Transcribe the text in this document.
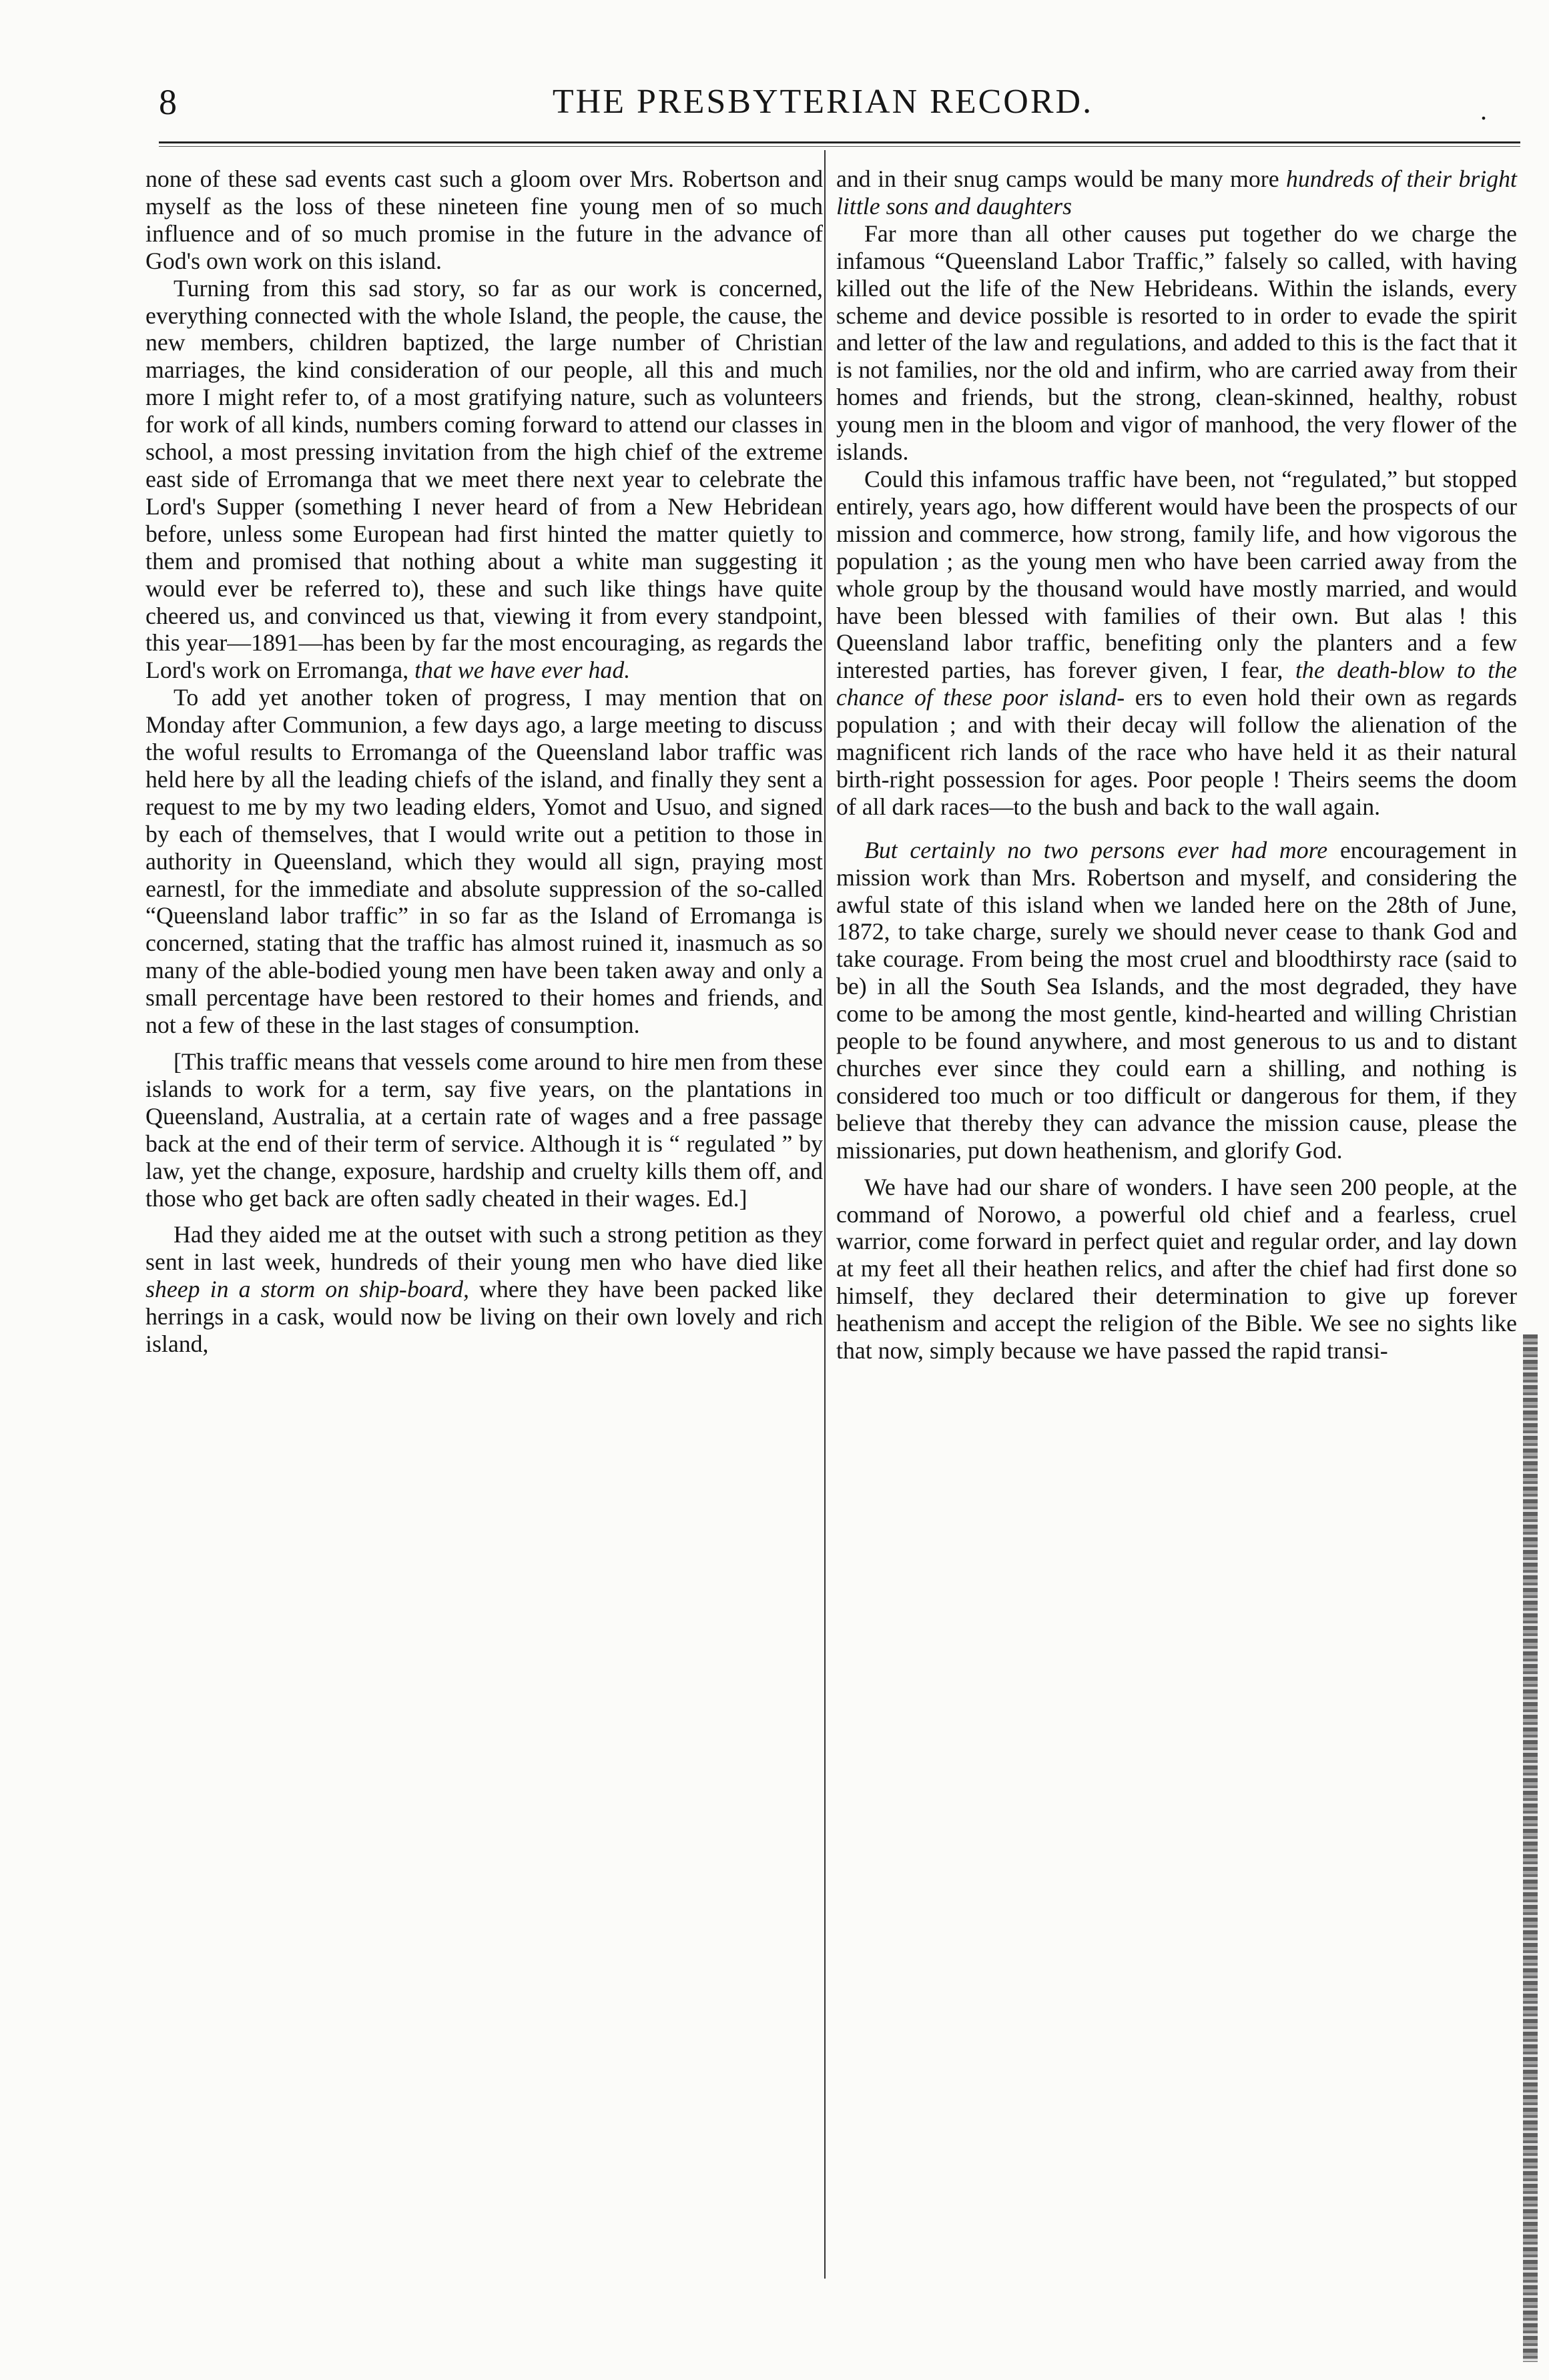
8	THE PRESBYTERIAN RECORD.	.

none of these sad events cast such a gloom over Mrs. Robertson and myself as the loss of these nineteen fine young men of so much influence and of so much promise in the future in the advance of God's own work on this island.

Turning from this sad story, so far as our work is concerned, everything connected with the whole Island, the people, the cause, the new members, children baptized, the large number of Christian marriages, the kind consideration of our people, all this and much more I might refer to, of a most gratifying nature, such as volunteers for work of all kinds, numbers coming forward to attend our classes in school, a most pressing invitation from the high chief of the extreme east side of Erromanga that we meet there next year to celebrate the Lord's Supper (something I never heard of from a New Hebridean before, unless some European had first hinted the matter quietly to them and promised that nothing about a white man suggesting it would ever be referred to), these and such like things have quite cheered us, and convinced us that, viewing it from every standpoint, this year—1891—has been by far the most encouraging, as regards the Lord's work on Erromanga, that we have ever had.

To add yet another token of progress, I may mention that on Monday after Communion, a few days ago, a large meeting to discuss the woful results to Erromanga of the Queensland labor traffic was held here by all the leading chiefs of the island, and finally they sent a request to me by my two leading elders, Yomot and Usuo, and signed by each of themselves, that I would write out a petition to those in authority in Queensland, which they would all sign, praying most earnestl, for the immediate and absolute suppression of the so-called “Queensland labor traffic” in so far as the Island of Erromanga is concerned, stating that the traffic has almost ruined it, inasmuch as so many of the able-bodied young men have been taken away and only a small percentage have been restored to their homes and friends, and not a few of these in the last stages of consumption.

[This traffic means that vessels come around to hire men from these islands to work for a term, say five years, on the plantations in Queensland, Australia, at a certain rate of wages and a free passage back at the end of their term of service. Although it is “ regulated ” by law, yet the change, exposure, hardship and cruelty kills them off, and those who get back are often sadly cheated in their wages. Ed.]

Had they aided me at the outset with such a strong petition as they sent in last week, hundreds of their young men who have died like sheep in a storm on ship-board, where they have been packed like herrings in a cask, would now be living on their own lovely and rich island,

and in their snug camps would be many more hundreds of their bright little sons and daughters

Far more than all other causes put together do we charge the infamous “Queensland Labor Traffic,” falsely so called, with having killed out the life of the New Hebrideans. Within the islands, every scheme and device possible is resorted to in order to evade the spirit and letter of the law and regulations, and added to this is the fact that it is not families, nor the old and infirm, who are carried away from their homes and friends, but the strong, clean-skinned, healthy, robust young men in the bloom and vigor of manhood, the very flower of the islands.

Could this infamous traffic have been, not “regulated,” but stopped entirely, years ago, how different would have been the prospects of our mission and commerce, how strong, family life, and how vigorous the population ; as the young men who have been carried away from the whole group by the thousand would have mostly married, and would have been blessed with families of their own. But alas ! this Queensland labor traffic, benefiting only the planters and a few interested parties, has forever given, I fear, the death-blow to the chance of these poor island- ers to even hold their own as regards population ; and with their decay will follow the alienation of the magnificent rich lands of the race who have held it as their natural birth-right possession for ages. Poor people ! Theirs seems the doom of all dark races—to the bush and back to the wall again.

But certainly no two persons ever had more encouragement in mission work than Mrs. Robertson and myself, and considering the awful state of this island when we landed here on the 28th of June, 1872, to take charge, surely we should never cease to thank God and take courage. From being the most cruel and bloodthirsty race (said to be) in all the South Sea Islands, and the most degraded, they have come to be among the most gentle, kind-hearted and willing Christian people to be found anywhere, and most generous to us and to distant churches ever since they could earn a shilling, and nothing is considered too much or too difficult or dangerous for them, if they believe that thereby they can advance the mission cause, please the missionaries, put down heathenism, and glorify God.

We have had our share of wonders. I have seen 200 people, at the command of Norowo, a powerful old chief and a fearless, cruel warrior, come forward in perfect quiet and regular order, and lay down at my feet all their heathen relics, and after the chief had first done so himself, they declared their determination to give up forever heathenism and accept the religion of the Bible. We see no sights like that now, simply because we have passed the rapid transi-
